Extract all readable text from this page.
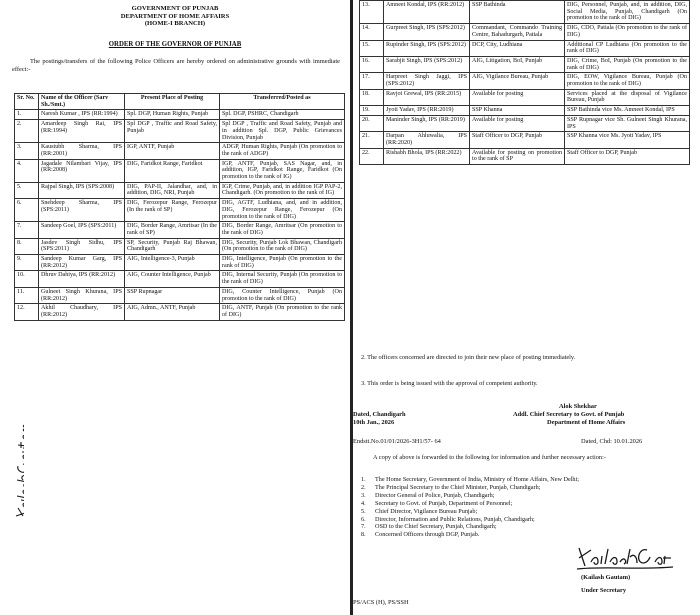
GOVERNMENT OF PUNJAB
DEPARTMENT OF HOME AFFAIRS
(HOME-I BRANCH)
ORDER OF THE GOVERNOR OF PUNJAB
The postings/transfers of the following Police Officers are hereby ordered on administrative grounds with immediate effect:-
Sr. No.	Name of the Officer (Sarv Sh./Smt.)	Present Place of Posting	Transferred/Posted as
1.	Naresh Kumar , IPS (RR:1994)	Spl. DGP, Human Rights, Punjab	Spl. DGP, PSHRC, Chandigarh
2.	Amardeep Singh Rai, IPS (RR:1994)	Spl DGP , Traffic and Road Safety, Punjab	Spl DGP , Traffic and Road Safety, Punjab and in addition Spl. DGP, Public Grievances Division, Punjab
3.	Kaustubh Sharma, IPS (RR:2001)	IGP, ANTF, Punjab	ADGP, Human Rights, Punjab (On promotion to the rank of ADGP)
4.	Jagadale Nilambari Vijay, IPS (RR:2008)	DIG, Faridkot Range, Faridkot	IGP, ANTF, Punjab, SAS Nagar, and, in addition, IGP, Faridkot Range, Faridkot (On promotion to the rank of IG)
5.	Rajpal Singh, IPS (SPS:2008)	DIG, PAP-II, Jalandhar, and, in addition, DIG, NRI, Punjab	IGP, Crime, Punjab, and, in addition IGP PAP-2, Chandigarh. (On promotion to the rank of IG)
6.	Snehdeep Sharma, IPS (SPS:2011)	DIG, Ferozepur Range, Ferozepur (In the rank of SP)	DIG, AGTF, Ludhiana, and, and in addition, DIG, Ferozepur Range, Ferozepur (On promotion to the rank of DIG)
7.	Sandeep Goel, IPS (SPS:2011)	DIG, Border Range, Amritsar (In the rank of SP)	DIG, Border Range, Amritsar (On promotion to the rank of DIG)
8.	Jasdev Singh Sidhu, IPS (SPS:2011)	SP, Security, Punjab Raj Bhawan, Chandigarh	DIG, Security, Punjab Lok Bhawan, Chandigarh (On promotion to the rank of DIG)
9.	Sandeep Kumar Garg, IPS (RR:2012)	AIG, Intelligence-3, Punjab	DIG, Intelligence, Punjab (On promotion to the rank of DIG)
10.	Dhruv Dahiya, IPS (RR:2012)	AIG, Counter Intelligence, Punjab	DIG, Internal Security, Punjab (On promotion to the rank of DIG)
11.	Gulneet Singh Khurana, IPS (RR:2012)	SSP Rupnagar	DIG, Counter Intelligence, Punjab (On promotion to the rank of DIG)
12.	Akhil Chaudhary, IPS (RR:2012)	AIG, Admn., ANTF, Punjab	DIG, ANTF, Punjab (On promotion to the rank of DIG)
13.	Amneet Kondal, IPS (RR:2012)	SSP Bathinda	DIG, Personnel, Punjab, and, in addition, DIG, Social Media, Punjab, Chandigarh (On promotion to the rank of DIG)
14.	Gurpreet Singh, IPS (SPS:2012)	Commandant, Commando Training Centre, Bahadurgarh, Patiala	DIG, CDO, Patiala (On promotion to the rank of DIG)
15.	Rupinder Singh, IPS (SPS:2012)	DCP, City, Ludhiana	Additional CP Ludhiana (On promotion to the rank of DIG)
16.	Sarabjit Singh, IPS (SPS:2012)	AIG, Litigation, BoI, Punjab	DIG, Crime, BoI, Punjab (On promotion to the rank of DIG)
17.	Harpreet Singh Jaggi, IPS (SPS:2012)	AIG, Vigilance Bureau, Punjab	DIG, EOW, Vigilance Bureau, Punjab (On promotion to the rank of DIG)
18.	Ravjot Grewal, IPS (RR:2015)	Available for posting	Services placed at the disposal of Vigilance Bureau, Punjab
19.	Jyoti Yadav, IPS (RR:2019)	SSP Khanna	SSP Bathinda vice Ms. Amneet Kondal, IPS
20.	Maninder Singh, IPS (RR:2019)	Available for posting	SSP Rupnagar vice Sh. Gulneet Singh Khurana, IPS
21.	Darpan Ahluwalia, IPS (RR:2020)	Staff Officer to DGP, Punjab	SSP Khanna vice Ms. Jyoti Yadav, IPS
22.	Rishabh Bhola, IPS (RR:2022)	Available for posting on promotion to the rank of SP	Staff Officer to DGP, Punjab
2. The officers concerned are directed to join their new place of posting immediately.
3. This order is being issued with the approval of competent authority.
Alok Shekhar
Dated, Chandigarh	Addl. Chief Secretary to Govt. of Punjab
10th Jan., 2026	Department of Home Affairs
Endstt.No.01/01/2026-3H1/57- 64	Dated, Chd: 10.01.2026
A copy of above is forwarded to the following for information and further necessary action:-
1. The Home Secretary, Government of India, Ministry of Home Affairs, New Delhi;
2. The Principal Secretary to the Chief Minister, Punjab, Chandigarh;
3. Director General of Police, Punjab, Chandigarh;
4. Secretary to Govt. of Punjab, Department of Personnel;
5. Chief Director, Vigilance Bureau Punjab;
6. Director, Information and Public Relations, Punjab, Chandigarh;
7. OSD to the Chief Secretary, Punjab, Chandigarh;
8. Concerned Officers through DGP, Punjab.
(Kailash Gautam)
Under Secretary
PS/ACS (H), PS/SSH
